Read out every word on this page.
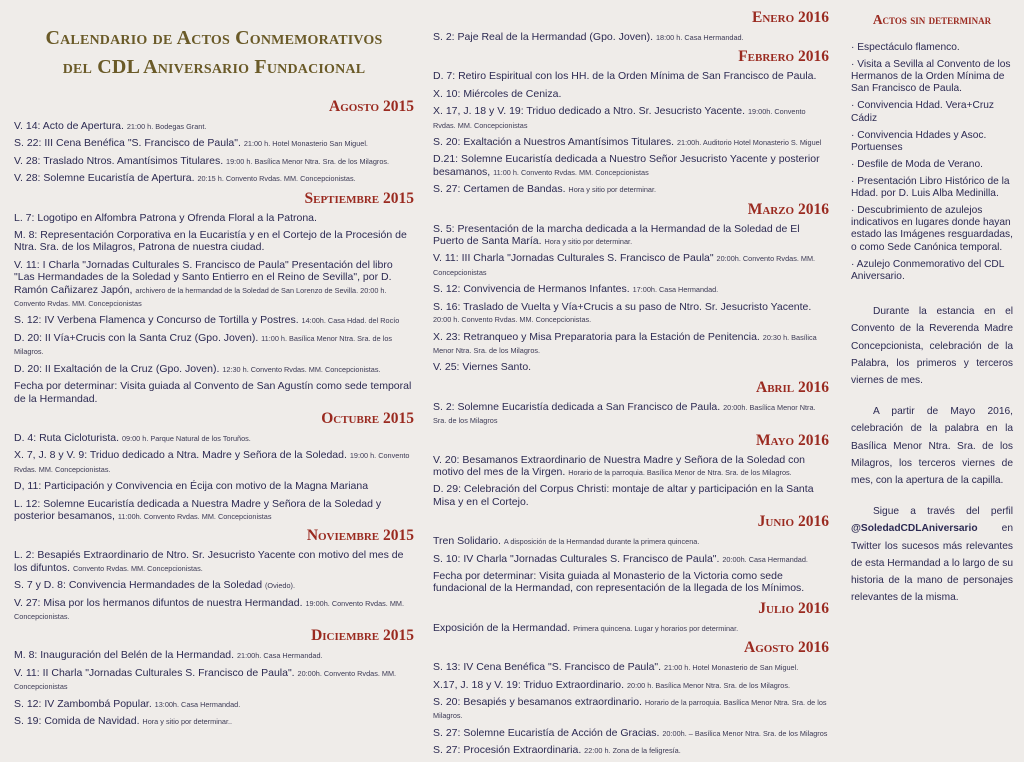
Calendario de Actos Conmemorativos
del CDL Aniversario Fundacional
Agosto 2015

V. 14: Acto de Apertura. 21:00 h. Bodegas Grant.

S. 22: III Cena Benéfica "S. Francisco de Paula". 21:00 h. Hotel Monasterio San Miguel.

V. 28: Traslado Ntros. Amantísimos Titulares. 19:00 h. Basílica Menor Ntra. Sra. de los Milagros.

V. 28: Solemne Eucaristía de Apertura. 20:15 h. Convento Rvdas. MM. Concepcionistas.

Septiembre 2015

L. 7: Logotipo en Alfombra Patrona y Ofrenda Floral a la Patrona.

M. 8: Representación Corporativa en la Eucaristía y en el Cortejo de la Procesión de Ntra. Sra. de los Milagros, Patrona de nuestra ciudad.

V. 11: I Charla "Jornadas Culturales S. Francisco de Paula" Presentación del libro "Las Hermandades de la Soledad y Santo Entierro en el Reino de Sevilla", por D. Ramón Cañizarez Japón, archivero de la hermandad de la Soledad de San Lorenzo de Sevilla. 20:00 h. Convento Rvdas. MM. Concepcionistas

S. 12: IV Verbena Flamenca y Concurso de Tortilla y Postres. 14:00h. Casa Hdad. del Rocío

D. 20: II Vía+Crucis con la Santa Cruz (Gpo. Joven). 11:00 h. Basílica Menor Ntra. Sra. de los Milagros.

D. 20: II Exaltación de la Cruz (Gpo. Joven). 12:30 h. Convento Rvdas. MM. Concepcionistas.

Fecha por determinar: Visita guiada al Convento de San Agustín como sede temporal de la Hermandad.

Octubre 2015

D. 4: Ruta Cicloturista. 09:00 h. Parque Natural de los Toruños.

X. 7, J. 8 y V. 9: Triduo dedicado a Ntra. Madre y Señora de la Soledad. 19:00 h. Convento Rvdas. MM. Concepcionistas.

D, 11: Participación y Convivencia en Écija con motivo de la Magna Mariana

L. 12: Solemne Eucaristía dedicada a Nuestra Madre y Señora de la Soledad y posterior besamanos, 11:00h. Convento Rvdas. MM. Concepcionistas

Noviembre 2015

L. 2: Besapiés Extraordinario de Ntro. Sr. Jesucristo Yacente con motivo del mes de los difuntos. Convento Rvdas. MM. Concepcionistas.

S. 7 y D. 8: Convivencia Hermandades de la Soledad (Oviedo).

V. 27: Misa por los hermanos difuntos de nuestra Hermandad. 19:00h. Convento Rvdas. MM. Concepcionistas.

Diciembre 2015

M. 8: Inauguración del Belén de la Hermandad. 21:00h. Casa Hermandad.

V. 11: II Charla "Jornadas Culturales S. Francisco de Paula". 20:00h. Convento Rvdas. MM. Concepcionistas

S. 12: IV Zambombá Popular. 13:00h. Casa Hermandad.

S. 19: Comida de Navidad. Hora y sitio por determinar..

Enero 2016

S. 2: Paje Real de la Hermandad (Gpo. Joven). 18:00 h. Casa Hermandad.

Febrero 2016

D. 7: Retiro Espiritual con los HH. de la Orden Mínima de San Francisco de Paula.

X. 10: Miércoles de Ceniza.

X. 17, J. 18 y V. 19: Triduo dedicado a Ntro. Sr. Jesucristo Yacente. 19:00h. Convento Rvdas. MM. Concepcionistas

S. 20: Exaltación a Nuestros Amantísimos Titulares. 21:00h. Auditorio Hotel Monasterio S. Miguel

D.21: Solemne Eucaristía dedicada a Nuestro Señor Jesucristo Yacente y posterior besamanos, 11:00 h. Convento Rvdas. MM. Concepcionistas

S. 27: Certamen de Bandas. Hora y sitio por determinar.

Marzo 2016

S. 5: Presentación de la marcha dedicada a la Hermandad de la Soledad de El Puerto de Santa María. Hora y sitio por determinar.

V. 11: III Charla "Jornadas Culturales S. Francisco de Paula" 20:00h. Convento Rvdas. MM. Concepcionistas

S. 12: Convivencia de Hermanos Infantes. 17:00h. Casa Hermandad.

S. 16: Traslado de Vuelta y Vía+Crucis a su paso de Ntro. Sr. Jesucristo Yacente. 20:00 h. Convento Rvdas. MM. Concepcionistas.

X. 23: Retranqueo y Misa Preparatoria para la Estación de Penitencia. 20:30 h. Basílica Menor Ntra. Sra. de los Milagros.

V. 25: Viernes Santo.

Abril 2016

S. 2: Solemne Eucaristía dedicada a San Francisco de Paula. 20:00h. Basílica Menor Ntra. Sra. de los Milagros

Mayo 2016

V. 20: Besamanos Extraordinario de Nuestra Madre y Señora de la Soledad con motivo del mes de la Virgen. Horario de la parroquia. Basílica Menor de Ntra. Sra. de los Milagros.

D. 29: Celebración del Corpus Christi: montaje de altar y participación en la Santa Misa y en el Cortejo.

Junio 2016

Tren Solidario. A disposición de la Hermandad durante la primera quincena.

S. 10: IV Charla "Jornadas Culturales S. Francisco de Paula". 20:00h. Casa Hermandad.

Fecha por determinar: Visita guiada al Monasterio de la Victoria como sede fundacional de la Hermandad, con representación de la llegada de los Mínimos.

Julio 2016

Exposición de la Hermandad. Primera quincena. Lugar y horarios por determinar.

Agosto 2016

S. 13: IV Cena Benéfica "S. Francisco de Paula". 21:00 h. Hotel Monasterio de San Miguel.

X.17, J. 18 y V. 19: Triduo Extraordinario. 20:00 h. Basílica Menor Ntra. Sra. de los Milagros.

S. 20: Besapiés y besamanos extraordinario. Horario de la parroquia. Basílica Menor Ntra. Sra. de los Milagros.

S. 27: Solemne Eucaristía de Acción de Gracias. 20:00h. – Basílica Menor Ntra. Sra. de los Milagros

S. 27: Procesión Extraordinaria. 22:00 h. Zona de la feligresía.

Actos sin determinar
· Espectáculo flamenco.
· Visita a Sevilla al Convento de los Hermanos de la Orden Mínima de San Francisco de Paula.
· Convivencia Hdad. Vera+Cruz Cádiz
· Convivencia Hdades y Asoc. Portuenses
· Desfile de Moda de Verano.
· Presentación Libro Histórico de la Hdad. por D. Luis Alba Medinilla.
· Descubrimiento de azulejos indicativos en lugares donde hayan estado las Imágenes resguardadas, o como Sede Canónica temporal.
· Azulejo Conmemorativo del CDL Aniversario.

Durante la estancia en el Convento de la Reverenda Madre Concepcionista, celebración de la Palabra, los primeros y terceros viernes de mes.

A partir de Mayo 2016, celebración de la palabra en la Basílica Menor Ntra. Sra. de los Milagros, los terceros viernes de mes, con la apertura de la capilla.

Sigue a través del perfil @SoledadCDLAniversario en Twitter los sucesos más relevantes de esta Hermandad a lo largo de su historia de la mano de personajes relevantes de la misma.
